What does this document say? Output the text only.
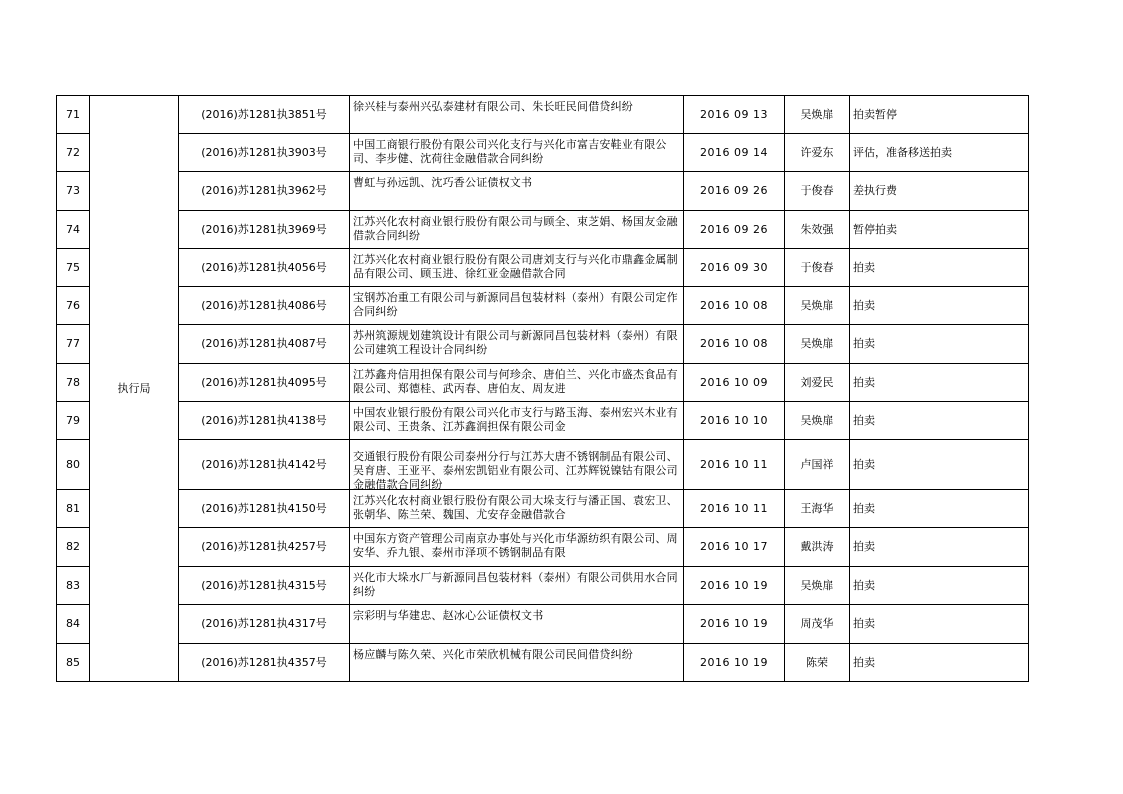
71	执行局	(2016)苏1281执3851号	徐兴桂与泰州兴弘泰建材有限公司、朱长旺民间借贷纠纷	2016 09 13	吴焕扉	拍卖暂停
72		(2016)苏1281执3903号	中国工商银行股份有限公司兴化支行与兴化市富吉安鞋业有限公司、李步健、沈荷往金融借款合同纠纷	2016 09 14	许爱东	评估，准备移送拍卖
73		(2016)苏1281执3962号	曹虹与孙远凯、沈巧香公证债权文书	2016 09 26	于俊春	差执行费
74		(2016)苏1281执3969号	江苏兴化农村商业银行股份有限公司与顾全、束芝娟、杨国友金融借款合同纠纷	2016 09 26	朱效强	暂停拍卖
75		(2016)苏1281执4056号	江苏兴化农村商业银行股份有限公司唐刘支行与兴化市鼎鑫金属制品有限公司、顾玉进、徐红亚金融借款合同	2016 09 30	于俊春	拍卖
76		(2016)苏1281执4086号	宝钢苏冶重工有限公司与新源同昌包装材料（泰州）有限公司定作合同纠纷	2016 10 08	吴焕扉	拍卖
77		(2016)苏1281执4087号	苏州筑源规划建筑设计有限公司与新源同昌包装材料（泰州）有限公司建筑工程设计合同纠纷	2016 10 08	吴焕扉	拍卖
78		(2016)苏1281执4095号	江苏鑫舟信用担保有限公司与何珍余、唐伯兰、兴化市盛杰食品有限公司、郑德桂、武丙春、唐伯友、周友进	2016 10 09	刘爱民	拍卖
79		(2016)苏1281执4138号	中国农业银行股份有限公司兴化市支行与路玉海、泰州宏兴木业有限公司、王贵条、江苏鑫润担保有限公司金	2016 10 10	吴焕扉	拍卖
80		(2016)苏1281执4142号	交通银行股份有限公司泰州分行与江苏大唐不锈钢制品有限公司、吴育唐、王亚平、泰州宏凯铝业有限公司、江苏辉锐镍钴有限公司金融借款合同纠纷	2016 10 11	卢国祥	拍卖
81		(2016)苏1281执4150号	江苏兴化农村商业银行股份有限公司大垛支行与潘正国、袁宏卫、张朝华、陈兰荣、魏国、尤安存金融借款合	2016 10 11	王海华	拍卖
82		(2016)苏1281执4257号	中国东方资产管理公司南京办事处与兴化市华源纺织有限公司、周安华、乔九银、泰州市泽项不锈钢制品有限	2016 10 17	戴洪涛	拍卖
83		(2016)苏1281执4315号	兴化市大垛水厂与新源同昌包装材料（泰州）有限公司供用水合同纠纷	2016 10 19	吴焕扉	拍卖
84		(2016)苏1281执4317号	宗彩明与华建忠、赵冰心公证债权文书	2016 10 19	周茂华	拍卖
85		(2016)苏1281执4357号	杨应麟与陈久荣、兴化市荣欣机械有限公司民间借贷纠纷	2016 10 19	陈荣	拍卖
